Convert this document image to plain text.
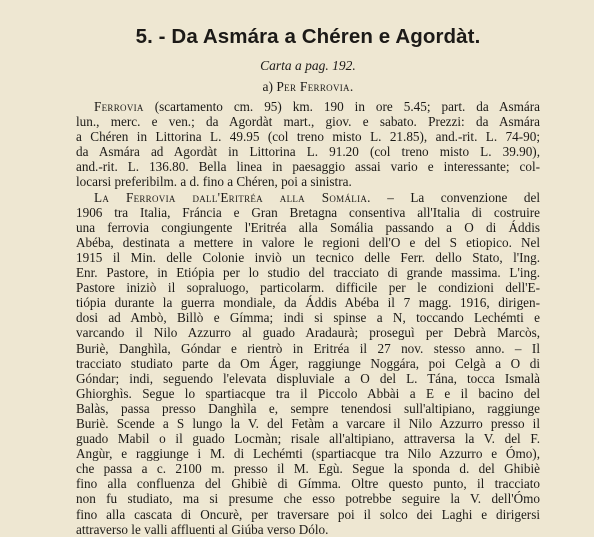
5. - Da Asmára a Chéren e Agordàt.
Carta a pag. 192.
a) Per Ferrovia.
Ferrovia (scartamento cm. 95) km. 190 in ore 5.45; part. da Asmára
lun., merc. e ven.; da Agordàt mart., giov. e sabato. Prezzi: da Asmára
a Chéren in Littorina L. 49.95 (col treno misto L. 21.85), and.-rit. L. 74-90;
da Asmára ad Agordàt in Littorina L. 91.20 (col treno misto L. 39.90),
and.-rit. L. 136.80. Bella linea in paesaggio assai vario e interessante; col-
locarsi preferibilm. a d. fino a Chéren, poi a sinistra.
La Ferrovia dall'Eritréa alla Somália. – La convenzione del
1906 tra Italia, Fráncia e Gran Bretagna consentiva all'Italia di costruire
una ferrovia congiungente l'Eritréa alla Somália passando a O di Áddis
Abéba, destinata a mettere in valore le regioni dell'O e del S etiopico. Nel
1915 il Min. delle Colonie inviò un tecnico delle Ferr. dello Stato, l'Ing.
Enr. Pastore, in Etiópia per lo studio del tracciato di grande massima. L'ing.
Pastore iniziò il sopraluogo, particolarm. difficile per le condizioni dell'E-
tiópia durante la guerra mondiale, da Áddis Abéba il 7 magg. 1916, dirigen-
dosi ad Ambò, Billò e Gímma; indi si spinse a N, toccando Lechémti e
varcando il Nilo Azzurro al guado Aradaurà; proseguì per Debrà Marcòs,
Buriè, Danghìla, Góndar e rientrò in Eritréa il 27 nov. stesso anno. – Il
tracciato studiato parte da Om Áger, raggiunge Noggára, poi Celgà a O di
Góndar; indi, seguendo l'elevata displuviale a O del L. Tána, tocca Ismalà
Ghiorghìs. Segue lo spartiacque tra il Piccolo Abbài a E e il bacino del
Balàs, passa presso Danghìla e, sempre tenendosi sull'altipiano, raggiunge
Buriè. Scende a S lungo la V. del Fetàm a varcare il Nilo Azzurro presso il
guado Mabil o il guado Locmàn; risale all'altipiano, attraversa la V. del F.
Angùr, e raggiunge i M. di Lechémti (spartiacque tra Nilo Azzurro e Ómo),
che passa a c. 2100 m. presso il M. Egù. Segue la sponda d. del Ghibiè
fino alla confluenza del Ghibiè di Gímma. Oltre questo punto, il tracciato
non fu studiato, ma si presume che esso potrebbe seguire la V. dell'Ómo
fino alla cascata di Oncurè, per traversare poi il solco dei Laghi e dirigersi
attraverso le valli affluenti al Giúba verso Dólo.
